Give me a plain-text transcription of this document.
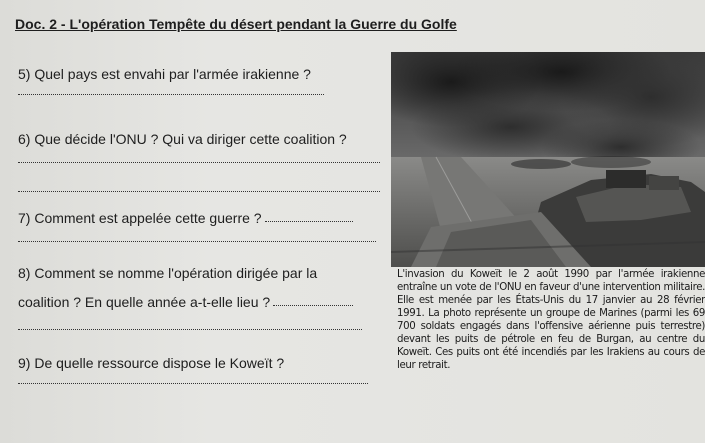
Doc. 2 - L'opération Tempête du désert pendant la Guerre du Golfe
5) Quel pays est envahi par l'armée irakienne ?
6) Que décide l'ONU ? Qui va diriger cette coalition ?
7) Comment est appelée cette guerre ?
8) Comment se nomme l'opération dirigée par la
coalition ? En quelle année a-t-elle lieu ?
9) De quelle ressource dispose le Koweït ?

L'invasion du Koweït le 2 août 1990 par l'armée irakienne entraîne un vote de l'ONU en faveur d'une intervention militaire. Elle est menée par les États-Unis du 17 janvier au 28 février 1991. La photo représente un groupe de Marines (parmi les 69 700 soldats engagés dans l'offensive aérienne puis terrestre) devant les puits de pétrole en feu de Burgan, au centre du Koweït. Ces puits ont été incendiés par les Irakiens au cours de leur retrait.
